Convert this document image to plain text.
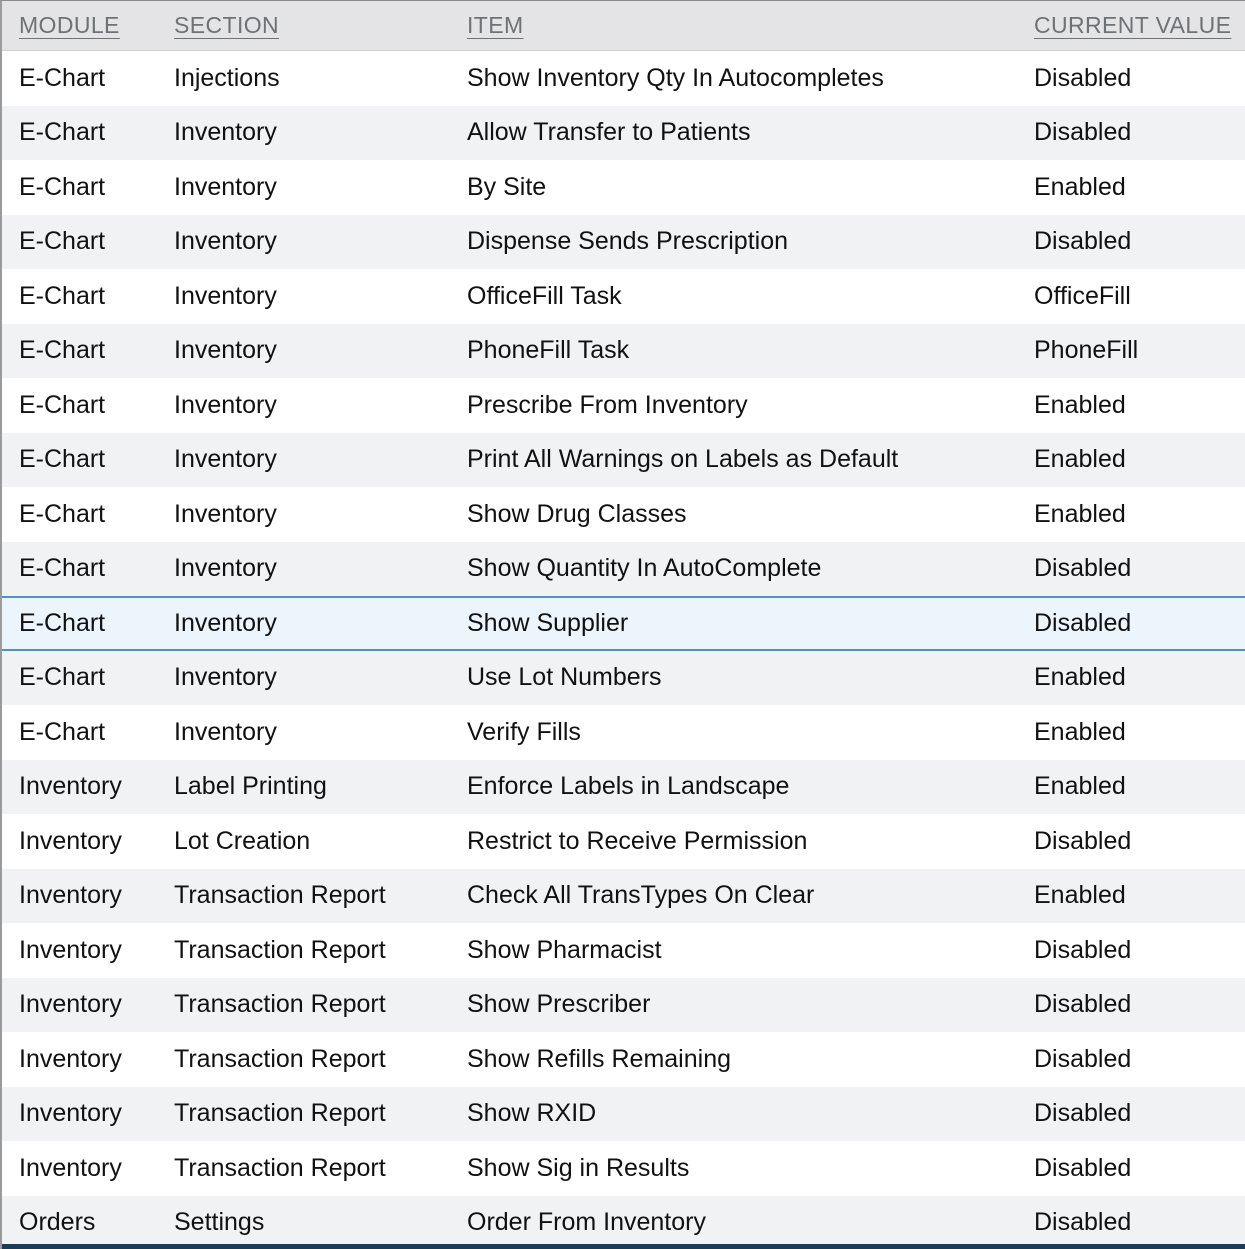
MODULE	SECTION	ITEM	CURRENT VALUE
E-Chart	Injections	Show Inventory Qty In Autocompletes	Disabled
E-Chart	Inventory	Allow Transfer to Patients	Disabled
E-Chart	Inventory	By Site	Enabled
E-Chart	Inventory	Dispense Sends Prescription	Disabled
E-Chart	Inventory	OfficeFill Task	OfficeFill
E-Chart	Inventory	PhoneFill Task	PhoneFill
E-Chart	Inventory	Prescribe From Inventory	Enabled
E-Chart	Inventory	Print All Warnings on Labels as Default	Enabled
E-Chart	Inventory	Show Drug Classes	Enabled
E-Chart	Inventory	Show Quantity In AutoComplete	Disabled
E-Chart	Inventory	Show Supplier	Disabled
E-Chart	Inventory	Use Lot Numbers	Enabled
E-Chart	Inventory	Verify Fills	Enabled
Inventory	Label Printing	Enforce Labels in Landscape	Enabled
Inventory	Lot Creation	Restrict to Receive Permission	Disabled
Inventory	Transaction Report	Check All TransTypes On Clear	Enabled
Inventory	Transaction Report	Show Pharmacist	Disabled
Inventory	Transaction Report	Show Prescriber	Disabled
Inventory	Transaction Report	Show Refills Remaining	Disabled
Inventory	Transaction Report	Show RXID	Disabled
Inventory	Transaction Report	Show Sig in Results	Disabled
Orders	Settings	Order From Inventory	Disabled
